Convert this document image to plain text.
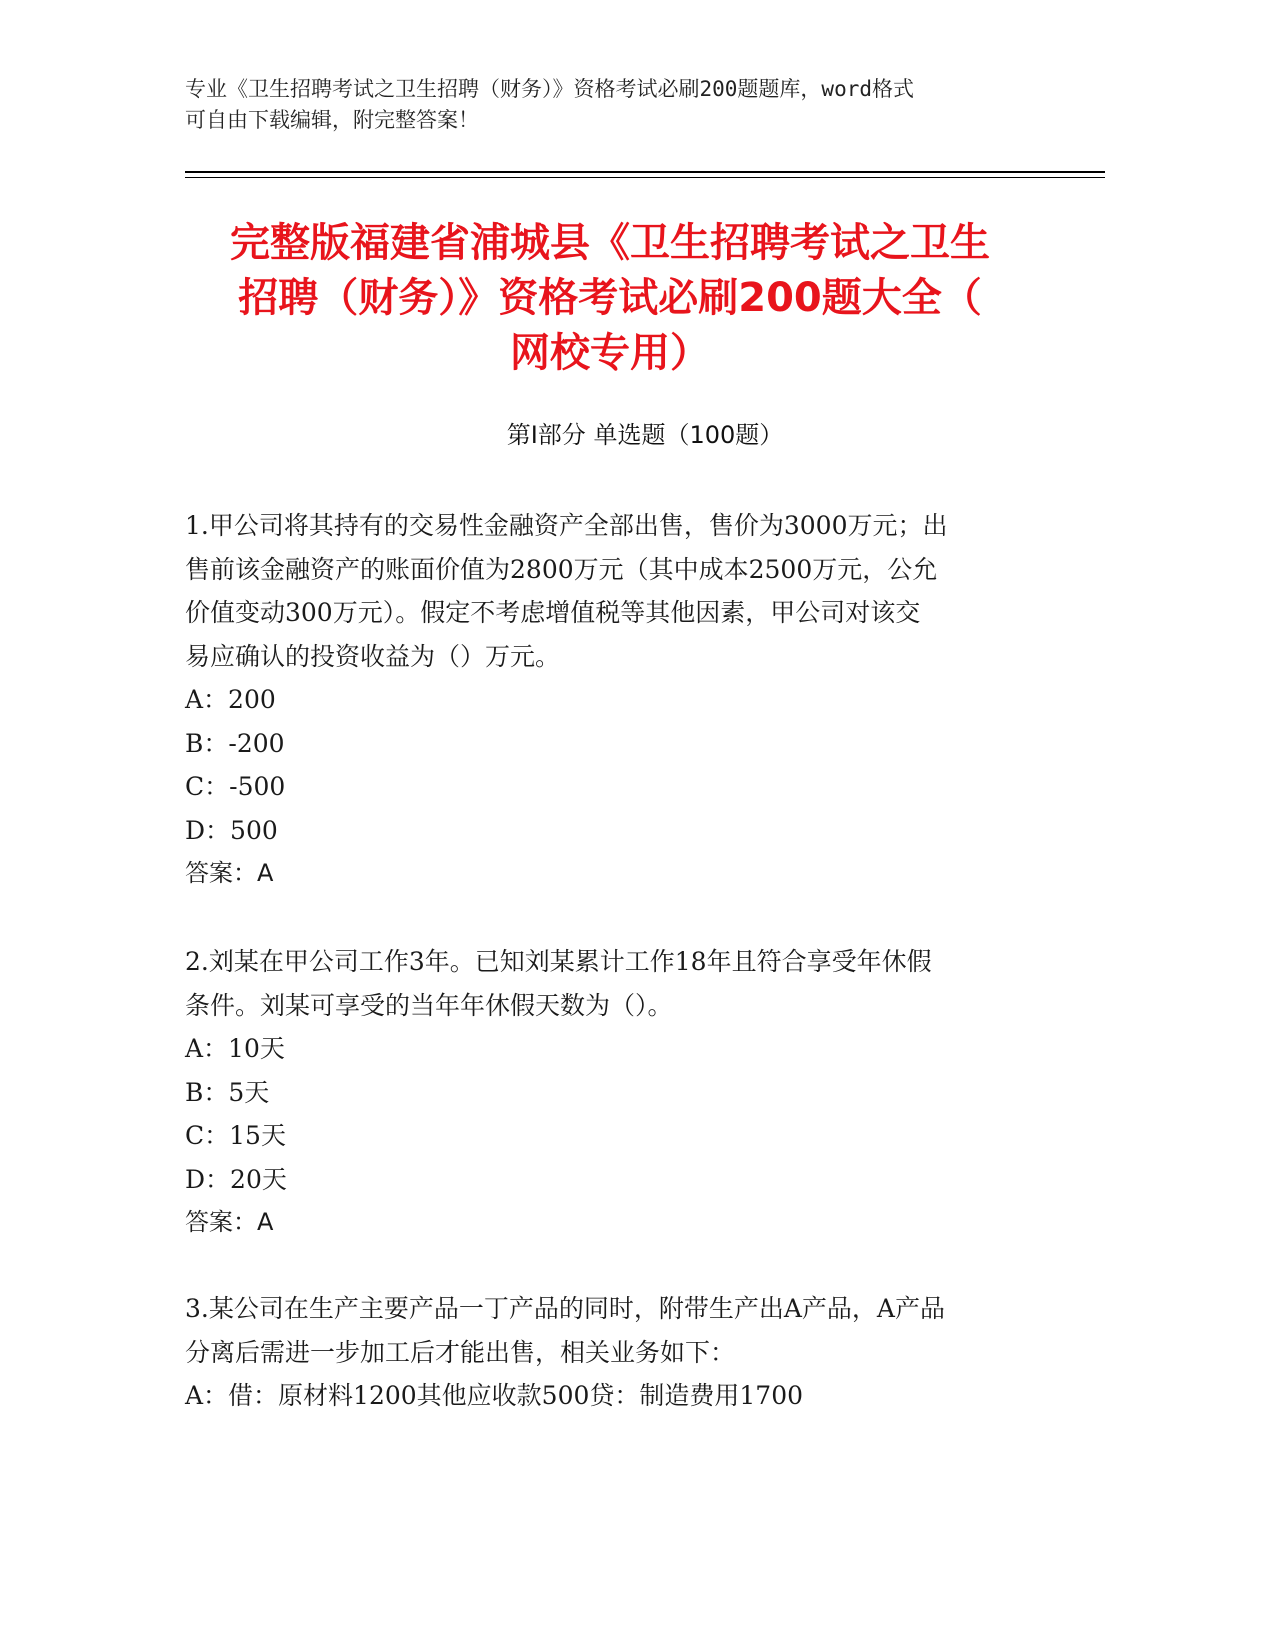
专业《卫生招聘考试之卫生招聘（财务）》资格考试必刷200题题库，word格式
可自由下载编辑，附完整答案！
完整版福建省浦城县《卫生招聘考试之卫生
招聘（财务）》资格考试必刷200题大全（
网校专用）
第Ⅰ部分 单选题（100题）
1.甲公司将其持有的交易性金融资产全部出售，售价为3000万元；出
售前该金融资产的账面价值为2800万元（其中成本2500万元，公允
价值变动300万元）。假定不考虑增值税等其他因素，甲公司对该交
易应确认的投资收益为（）万元。
A：200
B：-200
C：-500
D：500
答案：A
2.刘某在甲公司工作3年。已知刘某累计工作18年且符合享受年休假
条件。刘某可享受的当年年休假天数为（）。
A：10天
B：5天
C：15天
D：20天
答案：A
3.某公司在生产主要产品一丁产品的同时，附带生产出A产品，A产品
分离后需进一步加工后才能出售，相关业务如下：
A：借：原材料1200其他应收款500贷：制造费用1700
